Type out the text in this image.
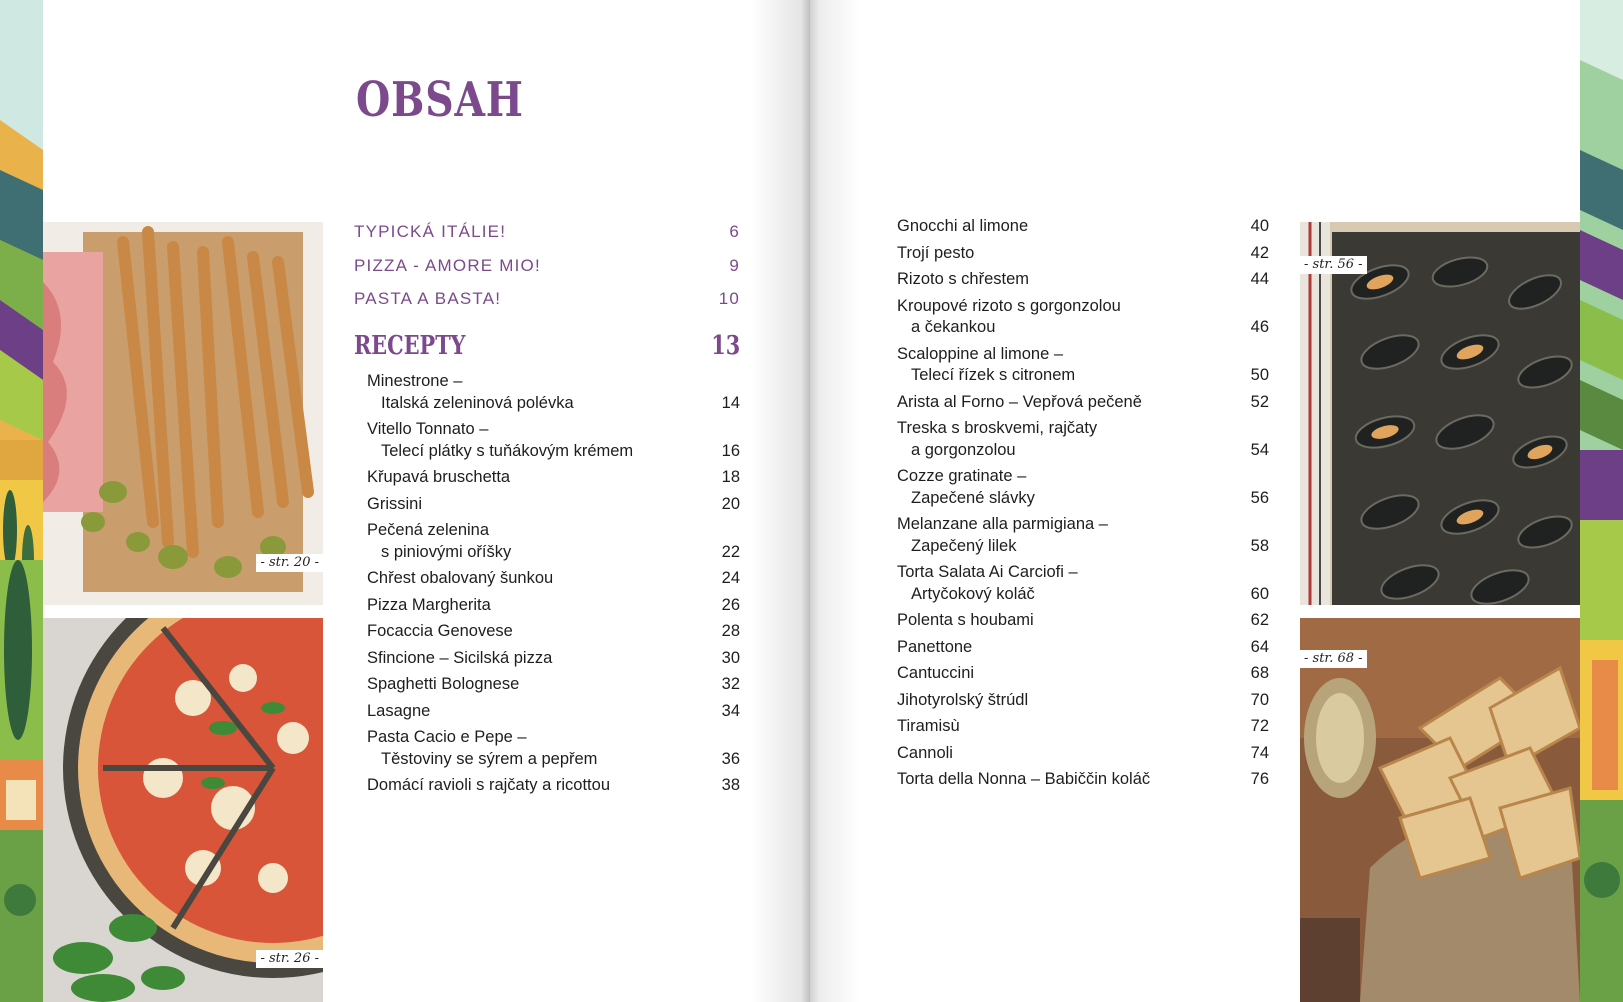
- str. 20 -
- str. 26 -
- str. 56 -
- str. 68 -
OBSAH
TYPICKÁ ITÁLIE!	6
PIZZA - AMORE MIO!	9
PASTA A BASTA!	10
RECEPTY	13
Minestrone –
Italská zeleninová polévka	14
Vitello Tonnato –
Telecí plátky s tuňákovým krémem	16
Křupavá bruschetta	18
Grissini	20
Pečená zelenina
s piniovými oříšky	22
Chřest obalovaný šunkou	24
Pizza Margherita	26
Focaccia Genovese	28
Sfincione – Sicilská pizza	30
Spaghetti Bolognese	32
Lasagne	34
Pasta Cacio e Pepe –
Těstoviny se sýrem a pepřem	36
Domácí ravioli s rajčaty a ricottou	38
Gnocchi al limone	40
Trojí pesto	42
Rizoto s chřestem	44
Kroupové rizoto s gorgonzolou
a čekankou	46
Scaloppine al limone –
Telecí řízek s citronem	50
Arista al Forno – Vepřová pečeně	52
Treska s broskvemi, rajčaty
a gorgonzolou	54
Cozze gratinate –
Zapečené slávky	56
Melanzane alla parmigiana –
Zapečený lilek	58
Torta Salata Ai Carciofi –
Artyčokový koláč	60
Polenta s houbami	62
Panettone	64
Cantuccini	68
Jihotyrolský štrúdl	70
Tiramisù	72
Cannoli	74
Torta della Nonna – Babiččin koláč	76
